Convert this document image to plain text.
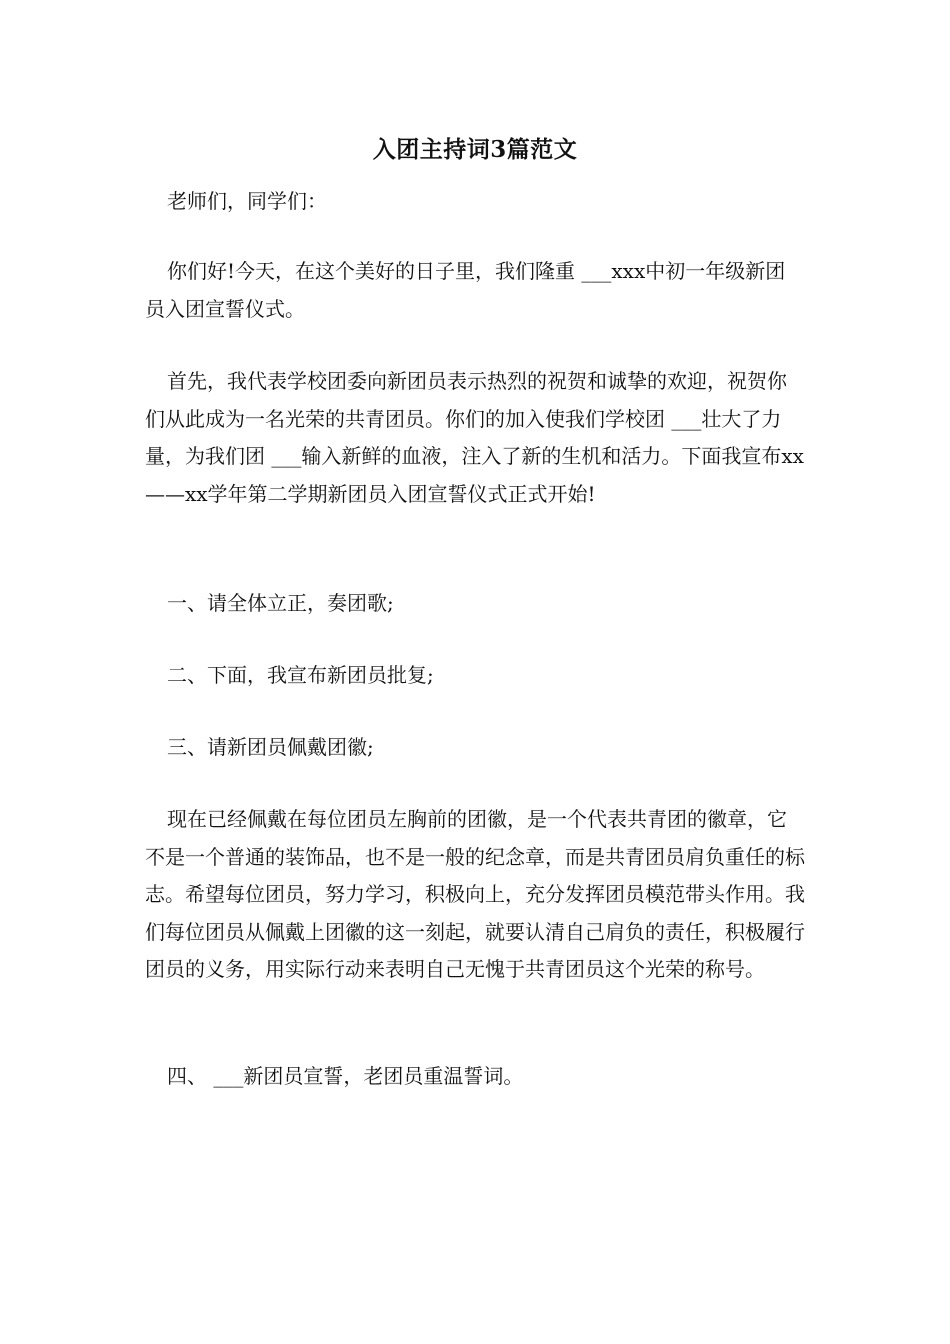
入团主持词3篇范文

老师们，同学们：

你们好!今天，在这个美好的日子里，我们隆重 ___xxx中初一年级新团员入团宣誓仪式。

首先，我代表学校团委向新团员表示热烈的祝贺和诚挚的欢迎，祝贺你们从此成为一名光荣的共青团员。你们的加入使我们学校团 ___壮大了力量，为我们团 ___输入新鲜的血液，注入了新的生机和活力。下面我宣布xx——xx学年第二学期新团员入团宣誓仪式正式开始!

一、请全体立正，奏团歌;

二、下面，我宣布新团员批复;

三、请新团员佩戴团徽;

现在已经佩戴在每位团员左胸前的团徽，是一个代表共青团的徽章，它不是一个普通的装饰品，也不是一般的纪念章，而是共青团员肩负重任的标志。希望每位团员，努力学习，积极向上，充分发挥团员模范带头作用。我们每位团员从佩戴上团徽的这一刻起，就要认清自己肩负的责任，积极履行团员的义务，用实际行动来表明自己无愧于共青团员这个光荣的称号。

四、 ___新团员宣誓，老团员重温誓词。
